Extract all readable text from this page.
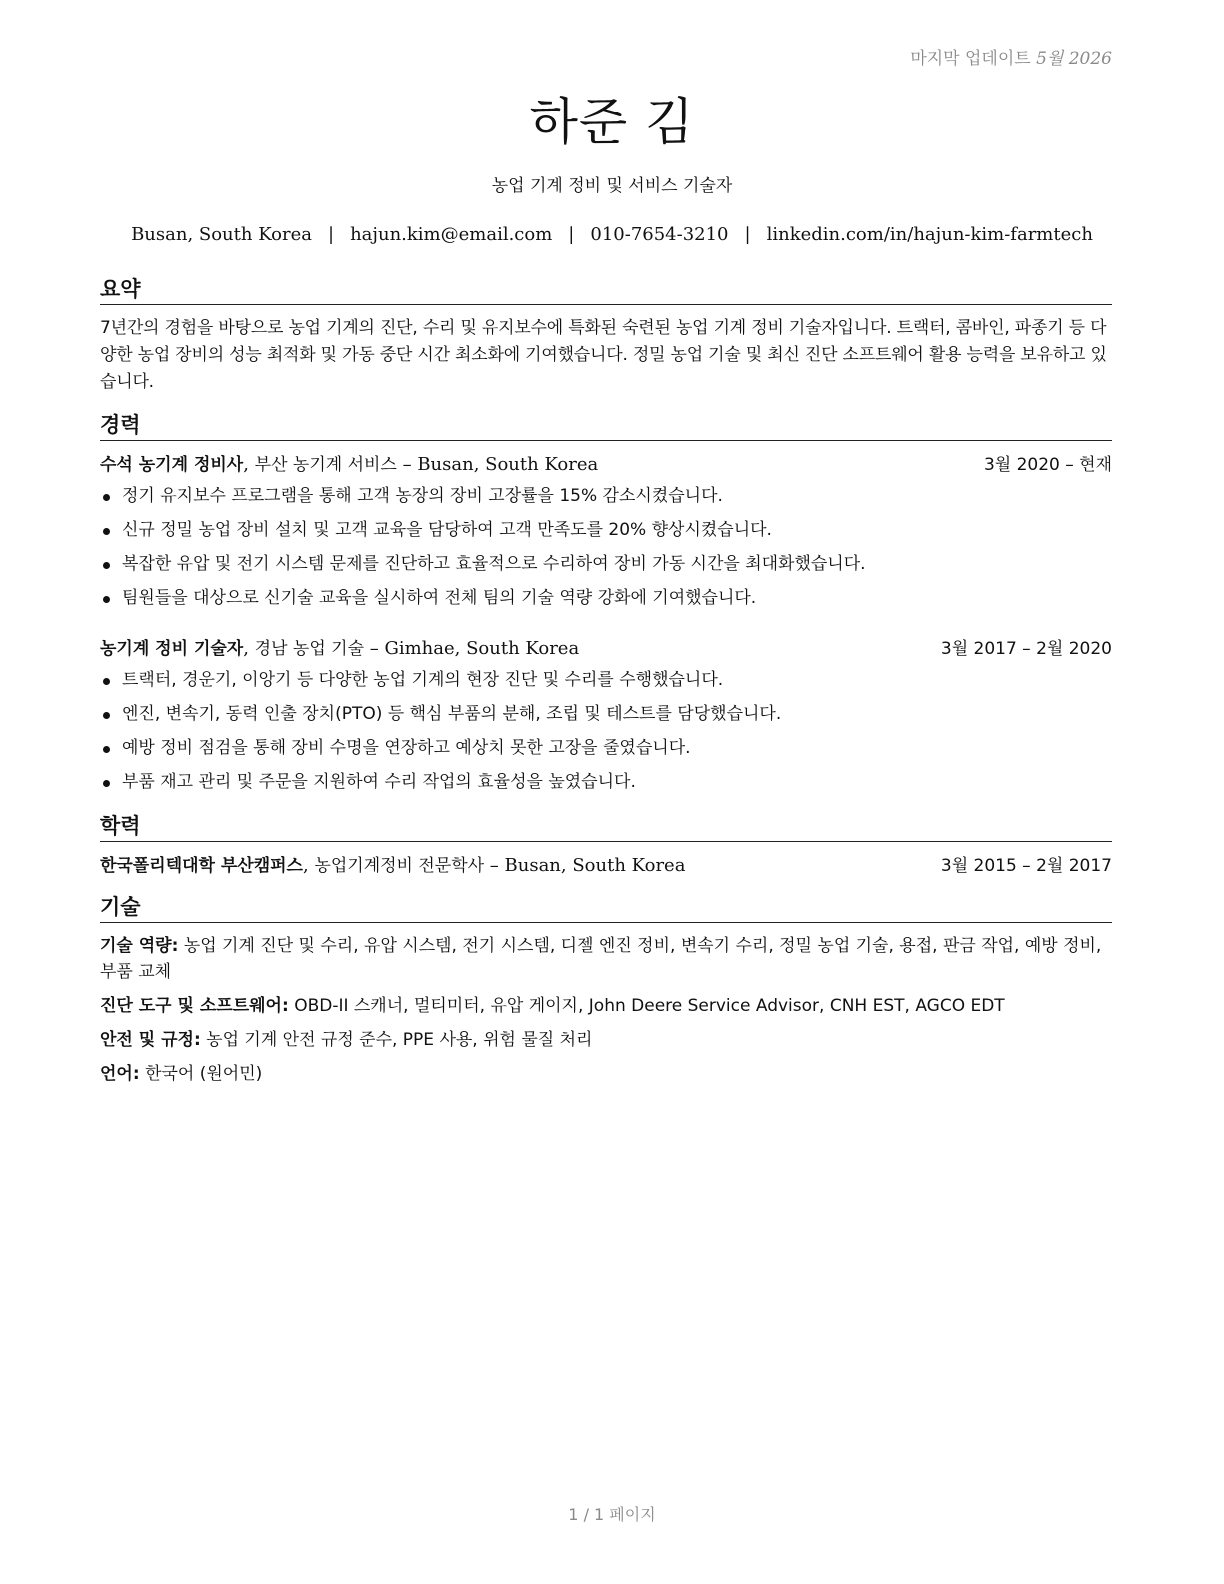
마지막 업데이트 5월 2026
하준 김
농업 기계 정비 및 서비스 기술자
Busan, South Korea | hajun.kim@email.com | 010-7654-3210 | linkedin.com/in/hajun-kim-farmtech
요약

7년간의 경험을 바탕으로 농업 기계의 진단, 수리 및 유지보수에 특화된 숙련된 농업 기계 정비 기술자입니다. 트랙터, 콤바인, 파종기 등 다양한 농업 장비의 성능 최적화 및 가동 중단 시간 최소화에 기여했습니다. 정밀 농업 기술 및 최신 진단 소프트웨어 활용 능력을 보유하고 있습니다.

경력
수석 농기계 정비사, 부산 농기계 서비스 – Busan, South Korea	3월 2020 – 현재
정기 유지보수 프로그램을 통해 고객 농장의 장비 고장률을 15% 감소시켰습니다.
신규 정밀 농업 장비 설치 및 고객 교육을 담당하여 고객 만족도를 20% 향상시켰습니다.
복잡한 유압 및 전기 시스템 문제를 진단하고 효율적으로 수리하여 장비 가동 시간을 최대화했습니다.
팀원들을 대상으로 신기술 교육을 실시하여 전체 팀의 기술 역량 강화에 기여했습니다.
농기계 정비 기술자, 경남 농업 기술 – Gimhae, South Korea	3월 2017 – 2월 2020
트랙터, 경운기, 이앙기 등 다양한 농업 기계의 현장 진단 및 수리를 수행했습니다.
엔진, 변속기, 동력 인출 장치(PTO) 등 핵심 부품의 분해, 조립 및 테스트를 담당했습니다.
예방 정비 점검을 통해 장비 수명을 연장하고 예상치 못한 고장을 줄였습니다.
부품 재고 관리 및 주문을 지원하여 수리 작업의 효율성을 높였습니다.
학력
한국폴리텍대학 부산캠퍼스, 농업기계정비 전문학사 – Busan, South Korea	3월 2015 – 2월 2017
기술

기술 역량: 농업 기계 진단 및 수리, 유압 시스템, 전기 시스템, 디젤 엔진 정비, 변속기 수리, 정밀 농업 기술, 용접, 판금 작업, 예방 정비, 부품 교체

진단 도구 및 소프트웨어: OBD-II 스캐너, 멀티미터, 유압 게이지, John Deere Service Advisor, CNH EST, AGCO EDT

안전 및 규정: 농업 기계 안전 규정 준수, PPE 사용, 위험 물질 처리

언어: 한국어 (원어민)

1 / 1 페이지
